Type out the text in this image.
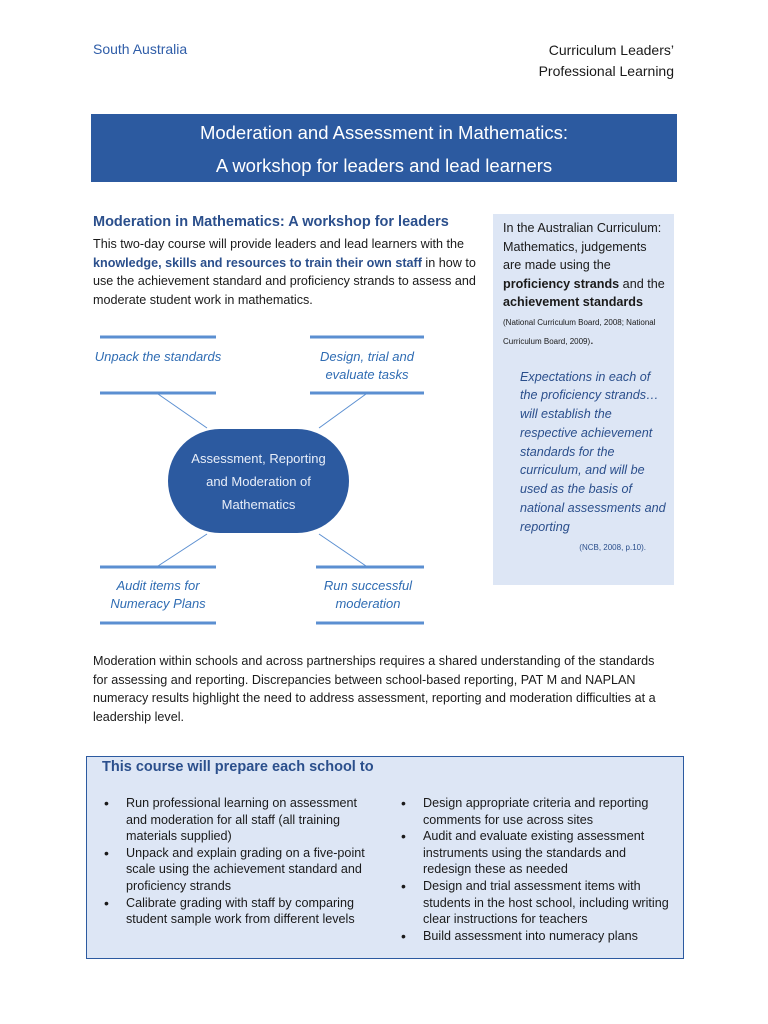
South Australia	Curriculum Leaders’
Professional Learning
Moderation and Assessment in Mathematics:
A workshop for leaders and lead learners
Moderation in Mathematics: A workshop for leaders
This two-day course will provide leaders and lead learners with the knowledge, skills and resources to train their own staff in how to use the achievement standard and proficiency strands to assess and moderate student work in mathematics.
Unpack the standards	Design, trial and evaluate tasks
Audit items for Numeracy Plans
Run successful moderation
Assessment, Reporting
and Moderation of
Mathematics
In the Australian Curriculum: Mathematics, judgements are made using the proficiency strands and the achievement standards
(National Curriculum Board, 2008; National Curriculum Board, 2009).
Expectations in each of the proficiency strands… will establish the respective achievement standards for the curriculum, and will be used as the basis of national assessments and reporting
(NCB, 2008, p.10).
Moderation within schools and across partnerships requires a shared understanding of the standards for assessing and reporting. Discrepancies between school-based reporting, PAT M and NAPLAN numeracy results highlight the need to address assessment, reporting and moderation difficulties at a leadership level.
This course will prepare each school to
• Run professional learning on assessment and moderation for all staff (all training materials supplied)
• Unpack and explain grading on a five-point scale using the achievement standard and proficiency strands
• Calibrate grading with staff by comparing student sample work from different levels
• Design appropriate criteria and reporting comments for use across sites
• Audit and evaluate existing assessment instruments using the standards and redesign these as needed
• Design and trial assessment items with students in the host school, including writing clear instructions for teachers
• Build assessment into numeracy plans
